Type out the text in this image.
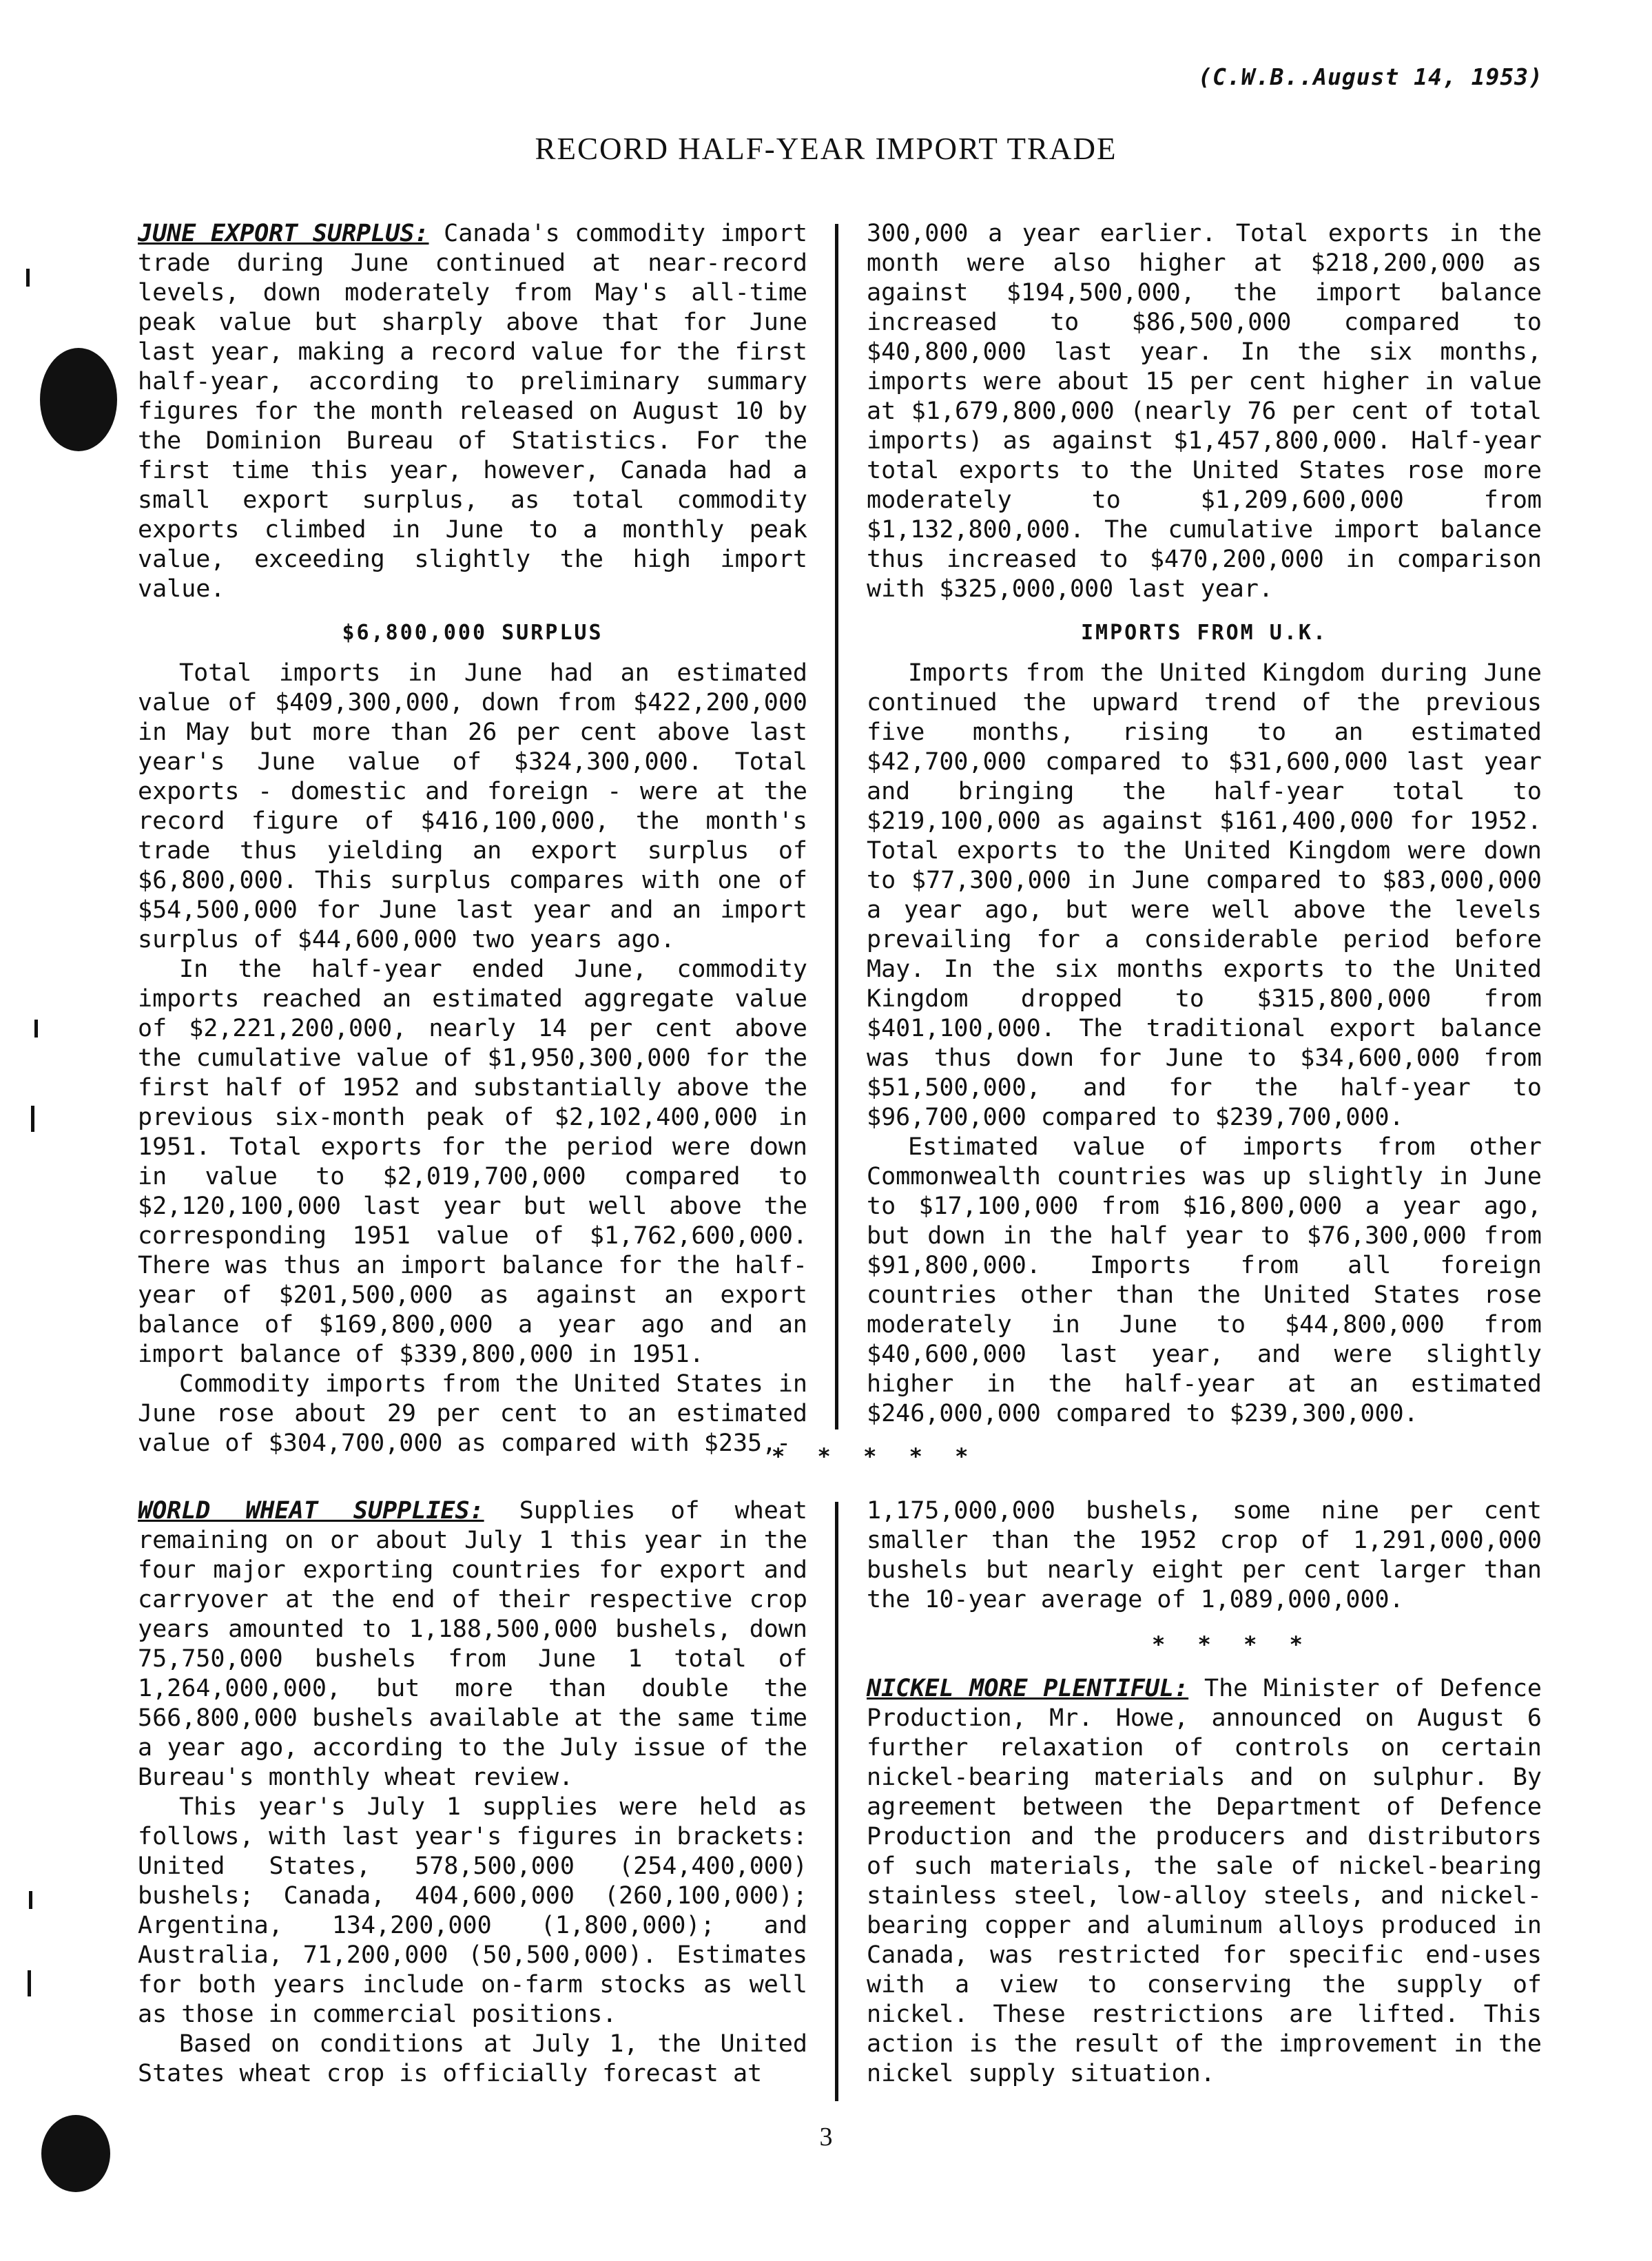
(C.W.B..August 14, 1953)
RECORD HALF-YEAR IMPORT TRADE

JUNE EXPORT SURPLUS: Canada's commodity import trade during June continued at near-record levels, down moderately from May's all-time peak value but sharply above that for June last year, making a record value for the first half-year, according to preliminary summary figures for the month released on August 10 by the Dominion Bureau of Statistics. For the first time this year, however, Canada had a small export surplus, as total commodity exports climbed in June to a monthly peak value, exceeding slightly the high import value.

$6,800,000 SURPLUS

Total imports in June had an estimated value of $409,300,000, down from $422,200,000 in May but more than 26 per cent above last year's June value of $324,300,000. Total exports - domestic and foreign - were at the record figure of $416,100,000, the month's trade thus yielding an export surplus of $6,800,000. This surplus compares with one of $54,500,000 for June last year and an import surplus of $44,600,000 two years ago.

In the half-year ended June, commodity imports reached an estimated aggregate value of $2,221,200,000, nearly 14 per cent above the cumulative value of $1,950,300,000 for the first half of 1952 and substantially above the previous six-month peak of $2,102,400,000 in 1951. Total exports for the period were down in value to $2,019,700,000 compared to $2,120,100,000 last year but well above the corresponding 1951 value of $1,762,600,000. There was thus an import balance for the half-year of $201,500,000 as against an export balance of $169,800,000 a year ago and an import balance of $339,800,000 in 1951.

Commodity imports from the United States in June rose about 29 per cent to an estimated value of $304,700,000 as compared with $235,-

300,000 a year earlier. Total exports in the month were also higher at $218,200,000 as against $194,500,000, the import balance increased to $86,500,000 compared to $40,800,000 last year. In the six months, imports were about 15 per cent higher in value at $1,679,800,000 (nearly 76 per cent of total imports) as against $1,457,800,000. Half-year total exports to the United States rose more moderately to $1,209,600,000 from $1,132,800,000. The cumulative import balance thus increased to $470,200,000 in comparison with $325,000,000 last year.

IMPORTS FROM U.K.

Imports from the United Kingdom during June continued the upward trend of the previous five months, rising to an estimated $42,700,000 compared to $31,600,000 last year and bringing the half-year total to $219,100,000 as against $161,400,000 for 1952. Total exports to the United Kingdom were down to $77,300,000 in June compared to $83,000,000 a year ago, but were well above the levels prevailing for a considerable period before May. In the six months exports to the United Kingdom dropped to $315,800,000 from $401,100,000. The traditional export balance was thus down for June to $34,600,000 from $51,500,000, and for the half-year to $96,700,000 compared to $239,700,000.

Estimated value of imports from other Commonwealth countries was up slightly in June to $17,100,000 from $16,800,000 a year ago, but down in the half year to $76,300,000 from $91,800,000. Imports from all foreign countries other than the United States rose moderately in June to $44,800,000 from $40,600,000 last year, and were slightly higher in the half-year at an estimated $246,000,000 compared to $239,300,000.

* * * * *

WORLD WHEAT SUPPLIES: Supplies of wheat remaining on or about July 1 this year in the four major exporting countries for export and carryover at the end of their respective crop years amounted to 1,188,500,000 bushels, down 75,750,000 bushels from June 1 total of 1,264,000,000, but more than double the 566,800,000 bushels available at the same time a year ago, according to the July issue of the Bureau's monthly wheat review.

This year's July 1 supplies were held as follows, with last year's figures in brackets: United States, 578,500,000 (254,400,000) bushels; Canada, 404,600,000 (260,100,000); Argentina, 134,200,000 (1,800,000); and Australia, 71,200,000 (50,500,000). Estimates for both years include on-farm stocks as well as those in commercial positions.

Based on conditions at July 1, the United States wheat crop is officially forecast at

1,175,000,000 bushels, some nine per cent smaller than the 1952 crop of 1,291,000,000 bushels but nearly eight per cent larger than the 10-year average of 1,089,000,000.

* * * *

NICKEL MORE PLENTIFUL: The Minister of Defence Production, Mr. Howe, announced on August 6 further relaxation of controls on certain nickel-bearing materials and on sulphur. By agreement between the Department of Defence Production and the producers and distributors of such materials, the sale of nickel-bearing stainless steel, low-alloy steels, and nickel-bearing copper and aluminum alloys produced in Canada, was restricted for specific end-uses with a view to conserving the supply of nickel. These restrictions are lifted. This action is the result of the improvement in the nickel supply situation.

3
